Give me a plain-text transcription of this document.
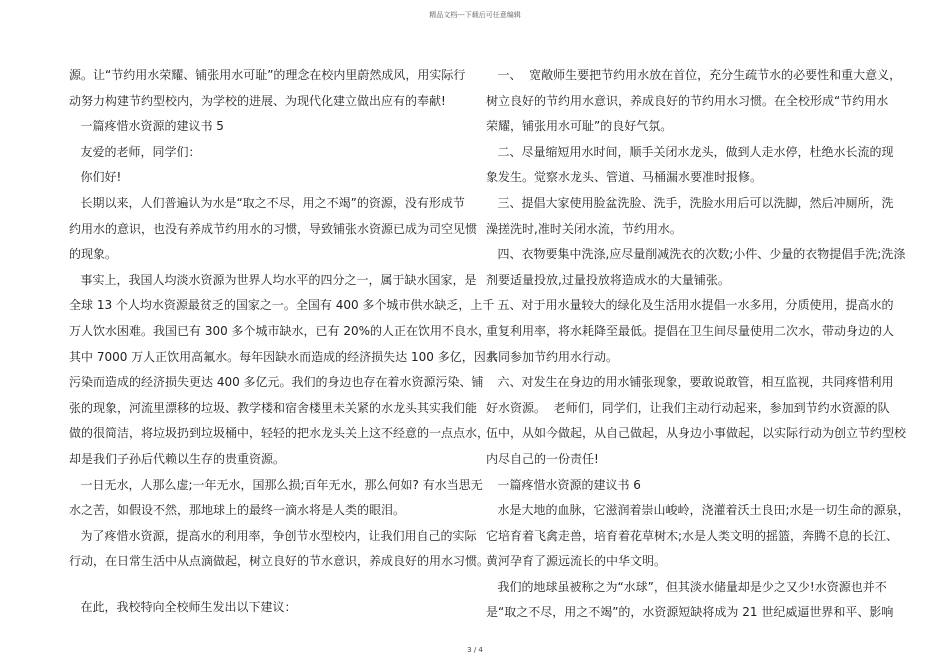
精品文档---下载后可任意编辑

源。让“节约用水荣耀、铺张用水可耻”的理念在校内里蔚然成风，用实际行

动努力构建节约型校内，为学校的进展、为现代化建立做出应有的奉献!

一篇疼惜水资源的建议书 5

友爱的老师，同学们：

你们好!

长期以来，人们普遍认为水是“取之不尽，用之不竭”的资源，没有形成节

约用水的意识，也没有养成节约用水的习惯，导致铺张水资源已成为司空见惯

的现象。

事实上，我国人均淡水资源为世界人均水平的四分之一，属于缺水国家，是

全球 13 个人均水资源最贫乏的国家之一。全国有 400 多个城市供水缺乏，上千

万人饮水困难。我国已有 300 多个城市缺水，已有 20%的人正在饮用不良水，

其中 7000 万人正饮用高氟水。每年因缺水而造成的经济损失达 100 多亿，因水

污染而造成的经济损失更达 400 多亿元。我们的身边也存在着水资源污染、铺

张的现象，河流里漂移的垃圾、教学楼和宿舍楼里未关紧的水龙头其实我们能

做的很简洁，将垃圾扔到垃圾桶中，轻轻的把水龙头关上这不经意的一点点水，

却是我们子孙后代赖以生存的贵重资源。

一日无水，人那么虚;一年无水，国那么损;百年无水，那么何如? 有水当思无

水之苦，如假设不然，那地球上的最终一滴水将是人类的眼泪。

为了疼惜水资源，提高水的利用率，争创节水型校内，让我们用自己的实际

行动，在日常生活中从点滴做起，树立良好的节水意识，养成良好的用水习惯。

在此，我校特向全校师生发出以下建议：

一、  宽敞师生要把节约用水放在首位，充分生疏节水的必要性和重大意义，

树立良好的节约用水意识，养成良好的节约用水习惯。在全校形成“节约用水

荣耀，铺张用水可耻”的良好气氛。

二、尽量缩短用水时间，顺手关闭水龙头，做到人走水停，杜绝水长流的现

象发生。觉察水龙头、管道、马桶漏水要准时报修。

三、提倡大家使用脸盆洗脸、洗手，洗脸水用后可以洗脚，然后冲厕所，洗

澡搓洗时,准时关闭水流，节约用水。

四、衣物要集中洗涤,应尽量削减洗衣的次数;小件、少量的衣物提倡手洗;洗涤

剂要适量投放,过量投放将造成水的大量铺张。

五、对于用水量较大的绿化及生活用水提倡一水多用，分质使用，提高水的

重复利用率，将水耗降至最低。提倡在卫生间尽量使用二次水，带动身边的人

共同参加节约用水行动。

六、对发生在身边的用水铺张现象，要敢说敢管，相互监视，共同疼惜利用

好水资源。  老师们，同学们，让我们主动行动起来，参加到节约水资源的队

伍中，从如今做起，从自己做起，从身边小事做起，以实际行动为创立节约型校

内尽自己的一份责任!

一篇疼惜水资源的建议书 6

水是大地的血脉，它滋润着崇山峻岭，浇灌着沃土良田;水是一切生命的源泉，

它培育着飞禽走兽，培育着花草树木;水是人类文明的摇篮，奔腾不息的长江、

黄河孕育了源远流长的中华文明。

我们的地球虽被称之为“水球”，但其淡水储量却是少之又少!水资源也并不

是“取之不尽，用之不竭”的，水资源短缺将成为 21 世纪威逼世界和平、影响

3 / 4
